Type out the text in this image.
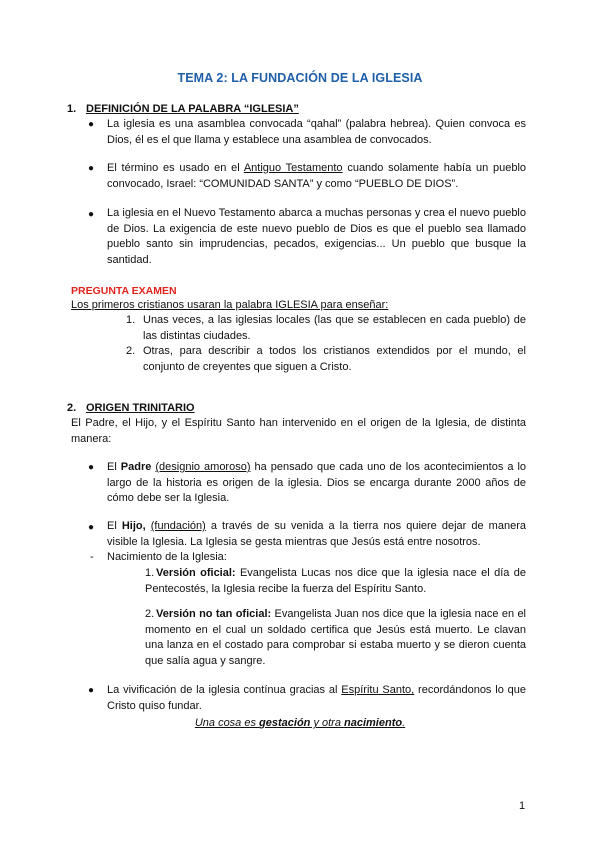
TEMA 2: LA FUNDACIÓN DE LA IGLESIA
1. DEFINICIÓN DE LA PALABRA “IGLESIA”
● La iglesia es una asamblea convocada “qahal” (palabra hebrea). Quien convoca es Dios, él es el que llama y establece una asamblea de convocados.
● El término es usado en el Antiguo Testamento cuando solamente había un pueblo convocado, Israel: “COMUNIDAD SANTA” y como “PUEBLO DE DIOS”.
● La iglesia en el Nuevo Testamento abarca a muchas personas y crea el nuevo pueblo de Dios. La exigencia de este nuevo pueblo de Dios es que el pueblo sea llamado pueblo santo sin imprudencias, pecados, exigencias... Un pueblo que busque la santidad.
PREGUNTA EXAMEN
Los primeros cristianos usaran la palabra IGLESIA para enseñar:
1. Unas veces, a las iglesias locales (las que se establecen en cada pueblo) de las distintas ciudades.
2. Otras, para describir a todos los cristianos extendidos por el mundo, el conjunto de creyentes que siguen a Cristo.
2. ORIGEN TRINITARIO
El Padre, el Hijo, y el Espíritu Santo han intervenido en el origen de la Iglesia, de distinta manera:
● El Padre (designio amoroso) ha pensado que cada uno de los acontecimientos a lo largo de la historia es origen de la iglesia. Dios se encarga durante 2000 años de cómo debe ser la Iglesia.
● El Hijo, (fundación) a través de su venida a la tierra nos quiere dejar de manera visible la Iglesia. La Iglesia se gesta mientras que Jesús está entre nosotros.
- Nacimiento de la Iglesia:
1. Versión oficial: Evangelista Lucas nos dice que la iglesia nace el día de Pentecostés, la Iglesia recibe la fuerza del Espíritu Santo.
2. Versión no tan oficial: Evangelista Juan nos dice que la iglesia nace en el momento en el cual un soldado certifica que Jesús está muerto. Le clavan una lanza en el costado para comprobar si estaba muerto y se dieron cuenta que salía agua y sangre.
● La vivificación de la iglesia contínua gracias al Espíritu Santo, recordándonos lo que Cristo quiso fundar.
Una cosa es gestación y otra nacimiento.
1
